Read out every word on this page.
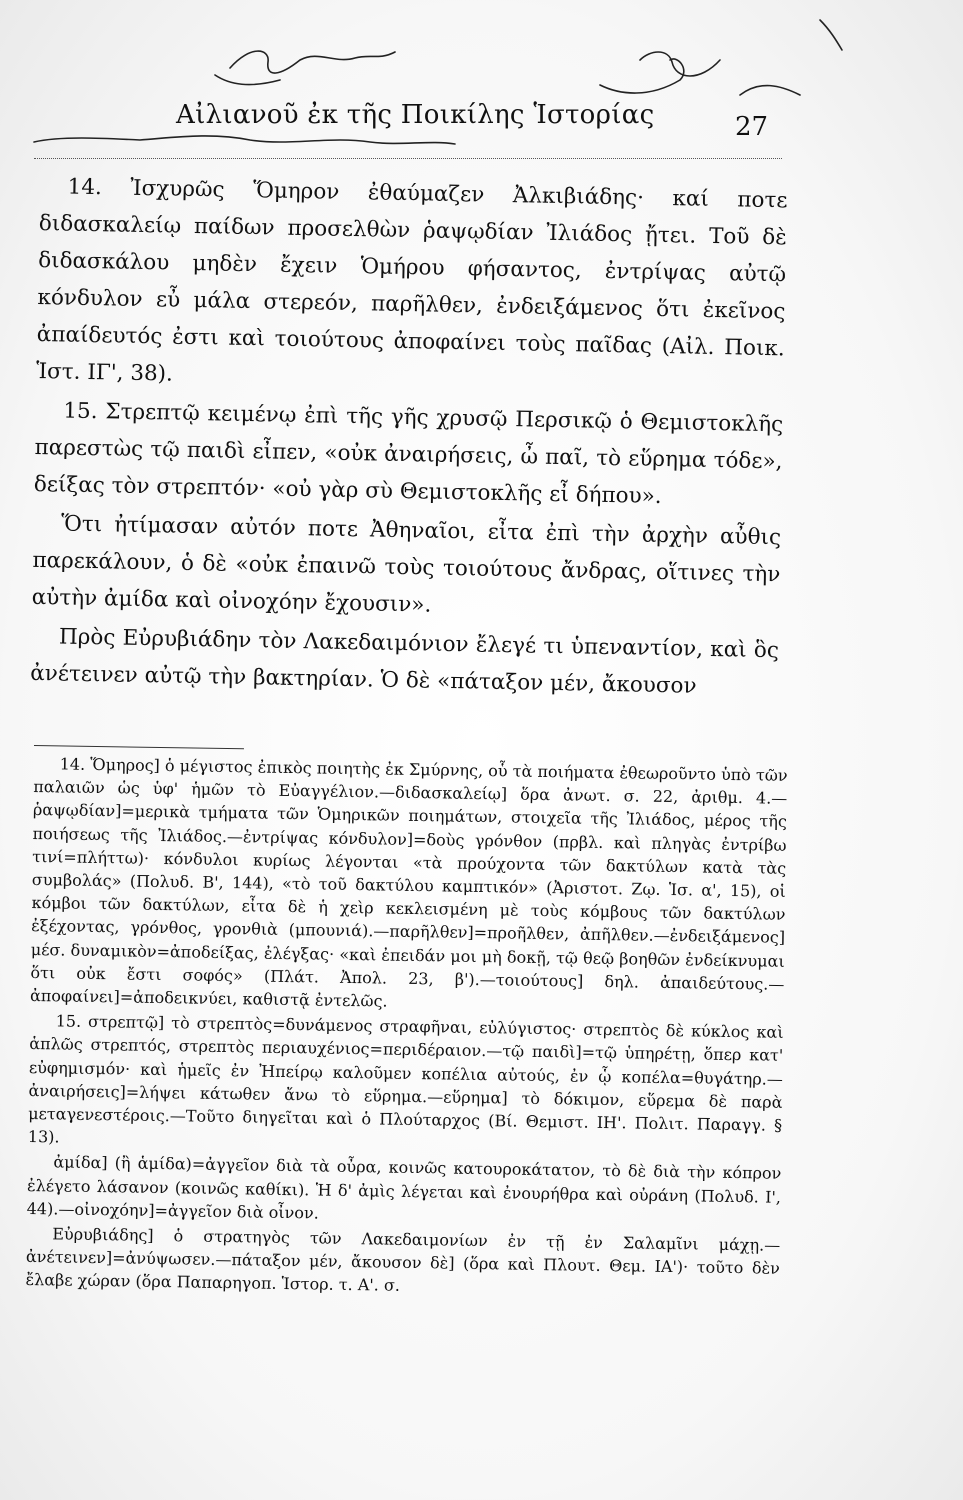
Αἰλιανοῦ ἐκ τῆς Ποικίλης Ἱστορίας	27

14. Ἰσχυρῶς Ὅμηρον ἐθαύμαζεν Ἀλκιβιάδης· καί ποτε διδασκαλείῳ παίδων προσελθὼν ῥαψῳδίαν Ἰλιάδος ᾔτει. Τοῦ δὲ διδασκάλου μηδὲν ἔχειν Ὁμήρου φήσαντος, ἐντρίψας αὐτῷ κόνδυλον εὖ μάλα στερεόν, παρῆλθεν, ἐνδειξάμενος ὅτι ἐκεῖνος ἀπαίδευτός ἐστι καὶ τοιούτους ἀποφαίνει τοὺς παῖδας (Αἰλ. Ποικ. Ἱστ. ΙΓ', 38).

15. Στρεπτῷ κειμένῳ ἐπὶ τῆς γῆς χρυσῷ Περσικῷ ὁ Θεμιστοκλῆς παρεστὼς τῷ παιδὶ εἶπεν, «οὐκ ἀναιρήσεις, ὦ παῖ, τὸ εὕρημα τόδε», δείξας τὸν στρεπτόν· «οὐ γὰρ σὺ Θεμιστοκλῆς εἶ δήπου».

Ὅτι ἠτίμασαν αὐτόν ποτε Ἀθηναῖοι, εἶτα ἐπὶ τὴν ἀρχὴν αὖθις παρεκάλουν, ὁ δὲ «οὐκ ἐπαινῶ τοὺς τοιούτους ἄνδρας, οἵτινες τὴν αὐτὴν ἀμίδα καὶ οἰνοχόην ἔχουσιν».

Πρὸς Εὐρυβιάδην τὸν Λακεδαιμόνιον ἔλεγέ τι ὑπεναντίον, καὶ ὃς ἀνέτεινεν αὐτῷ τὴν βακτηρίαν. Ὁ δὲ «πάταξον μέν, ἄκουσον

14. Ὅμηρος] ὁ μέγιστος ἐπικὸς ποιητὴς ἐκ Σμύρνης, οὗ τὰ ποιήματα ἐθεωροῦντο ὑπὸ τῶν παλαιῶν ὡς ὑφ' ἡμῶν τὸ Εὐαγγέλιον.—διδασκαλείῳ] ὅρα ἀνωτ. σ. 22, ἀριθμ. 4.—ῥαψῳδίαν]=μερικὰ τμήματα τῶν Ὁμηρικῶν ποιημάτων, στοιχεῖα τῆς Ἰλιάδος, μέρος τῆς ποιήσεως τῆς Ἰλιάδος.—ἐντρίψας κόνδυλον]=δοὺς γρόνθον (πρβλ. καὶ πληγὰς ἐντρίβω τινί=πλήττω)· κόνδυλοι κυρίως λέγονται «τὰ προύχοντα τῶν δακτύλων κατὰ τὰς συμβολάς» (Πολυδ. Β', 144), «τὸ τοῦ δακτύλου καμπτικόν» (Ἀριστοτ. Ζῳ. Ἱσ. α', 15), οἱ κόμβοι τῶν δακτύλων, εἶτα δὲ ἡ χεὶρ κεκλεισμένη μὲ τοὺς κόμβους τῶν δακτύλων ἐξέχοντας, γρόνθος, γρονθιὰ (μπουνιά).—παρῆλθεν]=προῆλθεν, ἀπῆλθεν.—ἐνδειξάμενος] μέσ. δυναμικὸν=ἀποδείξας, ἐλέγξας· «καὶ ἐπειδάν μοι μὴ δοκῇ, τῷ θεῷ βοηθῶν ἐνδείκνυμαι ὅτι οὐκ ἔστι σοφός» (Πλάτ. Ἀπολ. 23, β').—τοιούτους] δηλ. ἀπαιδεύτους.—ἀποφαίνει]=ἀποδεικνύει, καθιστᾷ ἐντελῶς.

15. στρεπτῷ] τὸ στρεπτὸς=δυνάμενος στραφῆναι, εὐλύγιστος· στρεπτὸς δὲ κύκλος καὶ ἁπλῶς στρεπτός, στρεπτὸς περιαυχένιος=περιδέραιον.—τῷ παιδὶ]=τῷ ὑπηρέτῃ, ὅπερ κατ' εὐφημισμόν· καὶ ἡμεῖς ἐν Ἠπείρῳ καλοῦμεν κοπέλια αὐτούς, ἐν ᾧ κοπέλα=θυγάτηρ.—ἀναιρήσεις]=λήψει κάτωθεν ἄνω τὸ εὕρημα.—εὕρημα] τὸ δόκιμον, εὕρεμα δὲ παρὰ μεταγενεστέροις.—Τοῦτο διηγεῖται καὶ ὁ Πλούταρχος (Βί. Θεμιστ. ΙΗ'. Πολιτ. Παραγγ. § 13).

ἀμίδα] (ἢ ἁμίδα)=ἀγγεῖον διὰ τὰ οὖρα, κοινῶς κατουροκάτατον, τὸ δὲ διὰ τὴν κόπρον ἐλέγετο λάσανον (κοινῶς καθίκι). Ἡ δ' ἀμὶς λέγεται καὶ ἐνουρήθρα καὶ οὐράνη (Πολυδ. Ι', 44).—οἰνοχόην]=ἀγγεῖον διὰ οἶνον.

Εὐρυβιάδης] ὁ στρατηγὸς τῶν Λακεδαιμονίων ἐν τῇ ἐν Σαλαμῖνι μάχῃ.—ἀνέτεινεν]=ἀνύψωσεν.—πάταξον μέν, ἄκουσον δὲ] (ὅρα καὶ Πλουτ. Θεμ. ΙΑ')· τοῦτο δὲν ἔλαβε χώραν (ὅρα Παπαρηγοπ. Ἱστορ. τ. Α'. σ.
